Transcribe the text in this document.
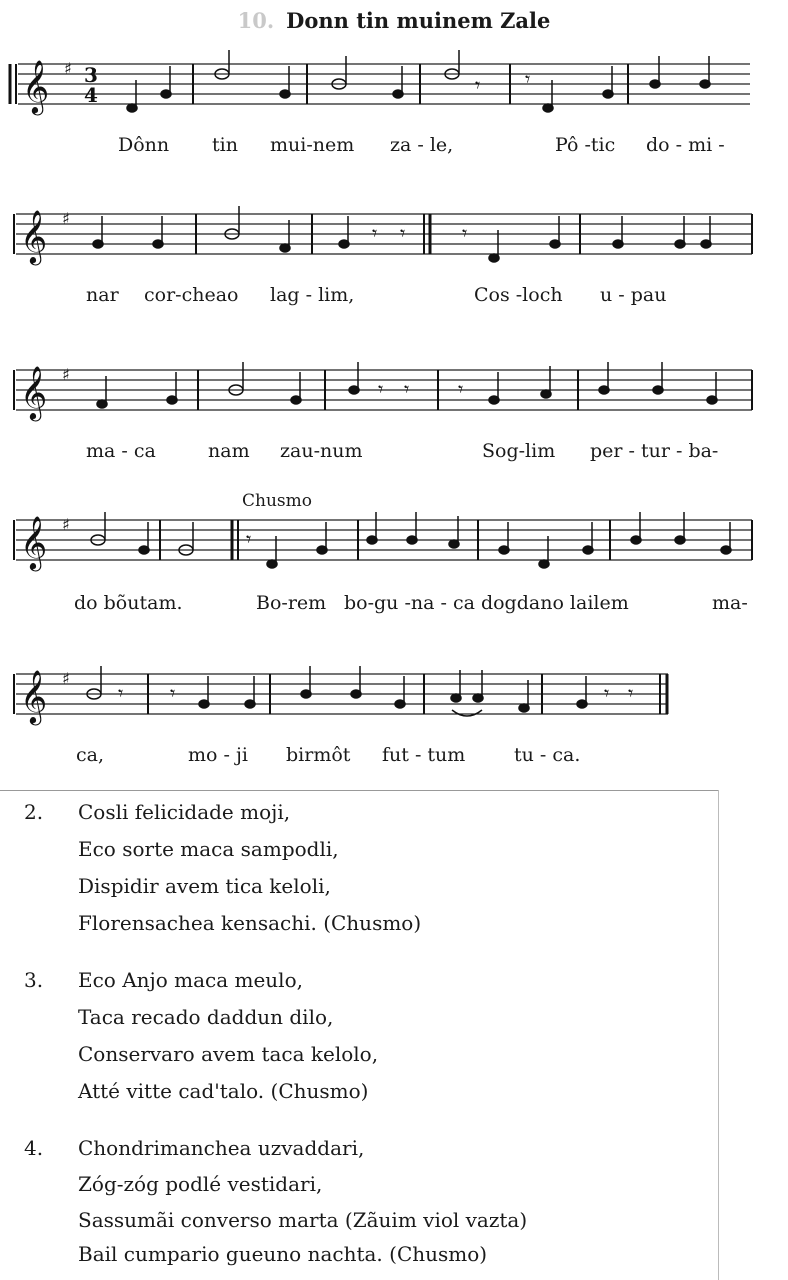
10. Donn tin muinem Zale
𝄞 ♯ 3
4	𝄾 𝄾
Dônn tin mui-nem za - le,	Pô -tic do - mi -
𝄞 ♯
𝄾 𝄾	𝄾
nar cor-cheao lag - lim,	Cos -loch u - pau
𝄞 ♯
𝄾 𝄾 𝄾
ma - ca	nam zau-num	Sog-lim per - tur - ba-
Chusmo
𝄞 ♯
𝄾
do bõutam.	Bo-rem bo-gu -na - ca dogdano lailem	ma-
𝄞 ♯
𝄾 𝄾	𝄾 𝄾
ca,	mo - ji birmôt fut - tum	tu - ca.
2. Cosli felicidade moji,
Eco sorte maca sampodli,
Dispidir avem tica keloli,
Florensachea kensachi. (Chusmo)
3. Eco Anjo maca meulo,
Taca recado daddun dilo,
Conservaro avem taca kelolo,
Atté vitte cad'talo. (Chusmo)
4. Chondrimanchea uzvaddari,
Zóg-zóg podlé vestidari,
Sassumãi converso marta (Zãuim viol vazta)
Bail cumpario gueuno nachta. (Chusmo)
